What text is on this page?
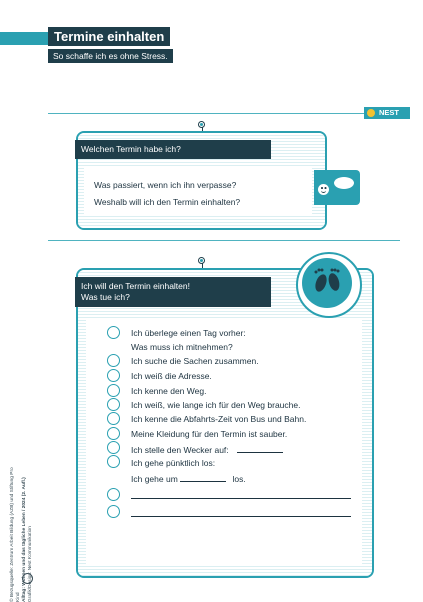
Termine einhalten
So schaffe ich es ohne Stress.
NEST
Welchen Termin habe ich?
Was passiert, wenn ich ihn verpasse?
Weshalb will ich den Termin einhalten?
Ich will den Termin einhalten!
Was tue ich?
Ich überlege einen Tag vorher:
Was muss ich mitnehmen?
Ich suche die Sachen zusammen.
Ich weiß die Adresse.
Ich kenne den Weg.
Ich weiß, wie lange ich für den Weg brauche.
Ich kenne die Abfahrts-Zeit von Bus und Bahn.
Meine Kleidung für den Termin ist sauber.
Ich stelle den Wecker auf:
Ich gehe pünktlich los:
Ich gehe um	los.
© Bezugsquelle: Zentrum Arbeit Bildung (AZB) und Stiftung Pro Kind Alltag: Wohnen und das tägliche Leben / 2024 (2. Aufl.) Grafik/Design: Nest Kommunikation
